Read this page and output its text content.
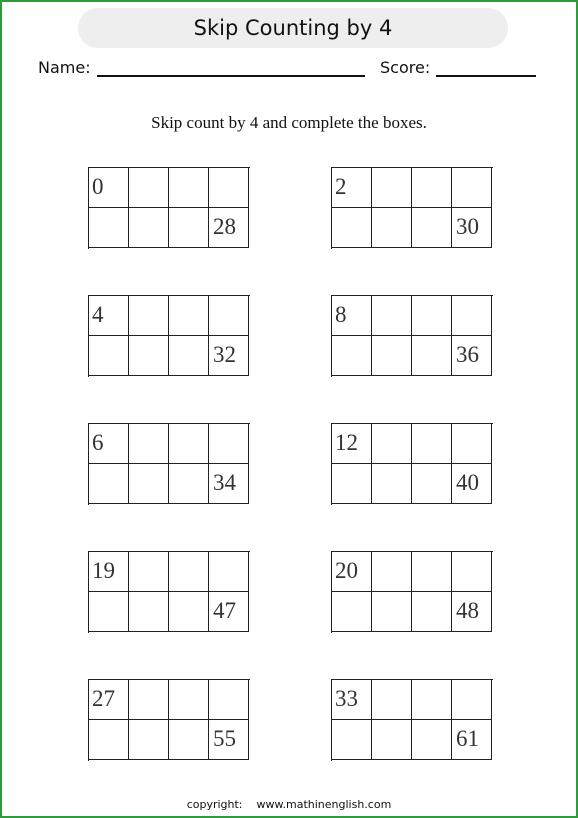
Skip Counting by 4
Name:	Score:
Skip count by 4 and complete the boxes.
0
28
2
30
4
32
8
36
6
34
12
40
19
47
20
48
27
55
33
61
copyright: www.mathinenglish.com
